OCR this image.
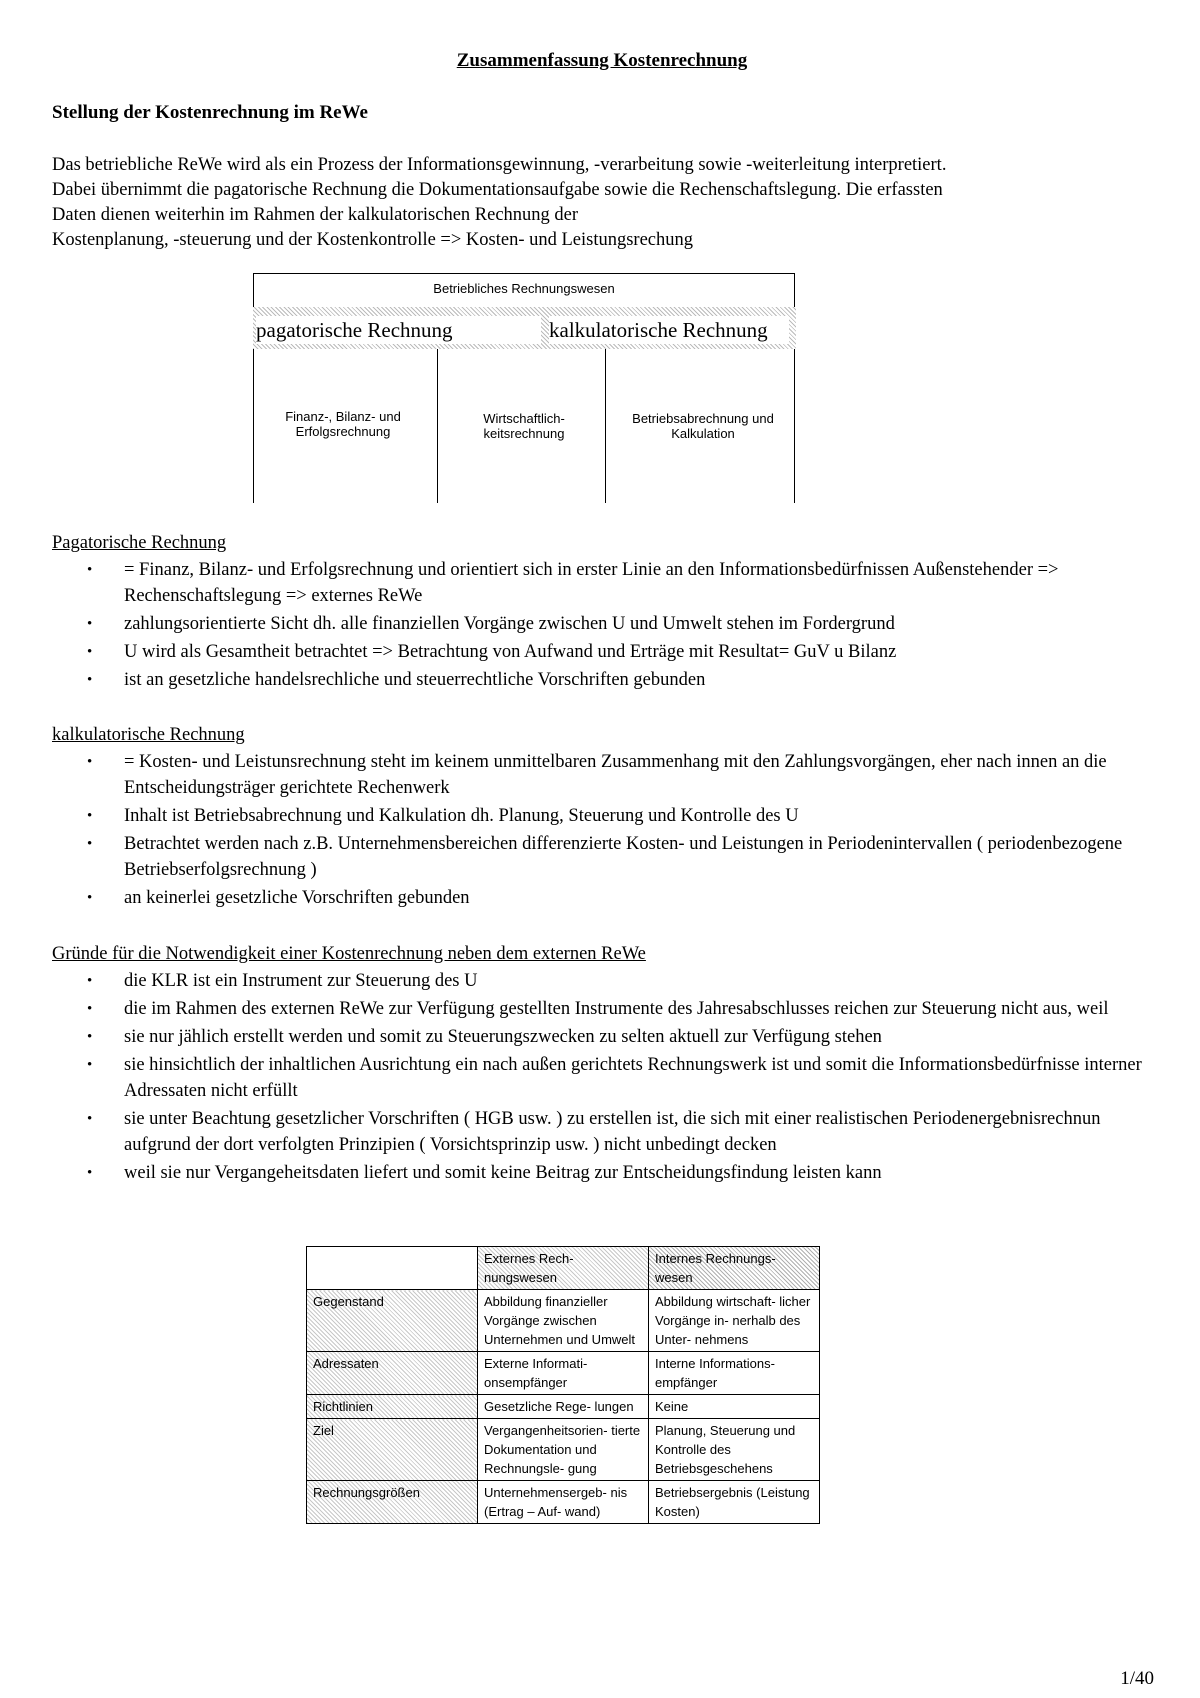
Zusammenfassung Kostenrechnung
Stellung der Kostenrechnung im ReWe
Das betriebliche ReWe wird als ein Prozess der Informationsgewinnung, -verarbeitung sowie -weiterleitung interpretiert.
Dabei übernimmt die pagatorische Rechnung die Dokumentationsaufgabe sowie die Rechenschaftslegung. Die erfassten
Daten dienen weiterhin im Rahmen der kalkulatorischen Rechnung der
Kostenplanung, -steuerung und der Kostenkontrolle => Kosten- und Leistungsrechung
Pagatorische Rechnung
• = Finanz, Bilanz- und Erfolgsrechnung und orientiert sich in erster Linie an den Informationsbedürfnissen Außenstehender => Rechenschaftslegung => externes ReWe
• zahlungsorientierte Sicht dh. alle finanziellen Vorgänge zwischen U und Umwelt stehen im Fordergrund
• U wird als Gesamtheit betrachtet => Betrachtung von Aufwand und Erträge mit Resultat= GuV u Bilanz
• ist an gesetzliche handelsrechliche und steuerrechtliche Vorschriften gebunden
kalkulatorische Rechnung
• = Kosten- und Leistunsrechnung steht im keinem unmittelbaren Zusammenhang mit den Zahlungsvorgängen, eher nach innen an die Entscheidungsträger gerichtete Rechenwerk
• Inhalt ist Betriebsabrechnung und Kalkulation dh. Planung, Steuerung und Kontrolle des U
• Betrachtet werden nach z.B. Unternehmensbereichen differenzierte Kosten- und Leistungen in Periodenintervallen ( periodenbezogene Betriebserfolgsrechnung )
• an keinerlei gesetzliche Vorschriften gebunden
Gründe für die Notwendigkeit einer Kostenrechnung neben dem externen ReWe
• die KLR ist ein Instrument zur Steuerung des U
• die im Rahmen des externen ReWe zur Verfügung gestellten Instrumente des Jahresabschlusses reichen zur Steuerung nicht aus, weil
• sie nur jählich erstellt werden und somit zu Steuerungszwecken zu selten aktuell zur Verfügung stehen
• sie hinsichtlich der inhaltlichen Ausrichtung ein nach außen gerichtets Rechnungswerk ist und somit die Informationsbedürfnisse interner Adressaten nicht erfüllt
• sie unter Beachtung gesetzlicher Vorschriften ( HGB usw. ) zu erstellen ist, die sich mit einer realistischen Periodenergebnisrechnun aufgrund der dort verfolgten Prinzipien ( Vorsichtsprinzip usw. ) nicht unbedingt decken
• weil sie nur Vergangeheitsdaten liefert und somit keine Beitrag zur Entscheidungsfindung leisten kann
Betriebliches Rechnungswesen
pagatorische Rechnung	kalkulatorische Rechnung
Finanz-, Bilanz- und Erfolgsrechnung
Wirtschaftlich- keitsrechnung
Betriebsabrechnung und Kalkulation
	Externes Rech- nungswesen	Internes Rechnungs- wesen
Gegenstand	Abbildung finanzieller Vorgänge zwischen Unternehmen und Umwelt	Abbildung wirtschaft- licher Vorgänge in- nerhalb des Unter- nehmens
Adressaten	Externe Informati- onsempfänger	Interne Informations- empfänger
Richtlinien	Gesetzliche Rege- lungen	Keine
Ziel	Vergangenheitsorien- tierte Dokumentation und Rechnungsle- gung	Planung, Steuerung und Kontrolle des Betriebsgeschehens
Rechnungsgrößen	Unternehmensergeb- nis (Ertrag – Auf- wand)	Betriebsergebnis (Leistung Kosten)
1/40
